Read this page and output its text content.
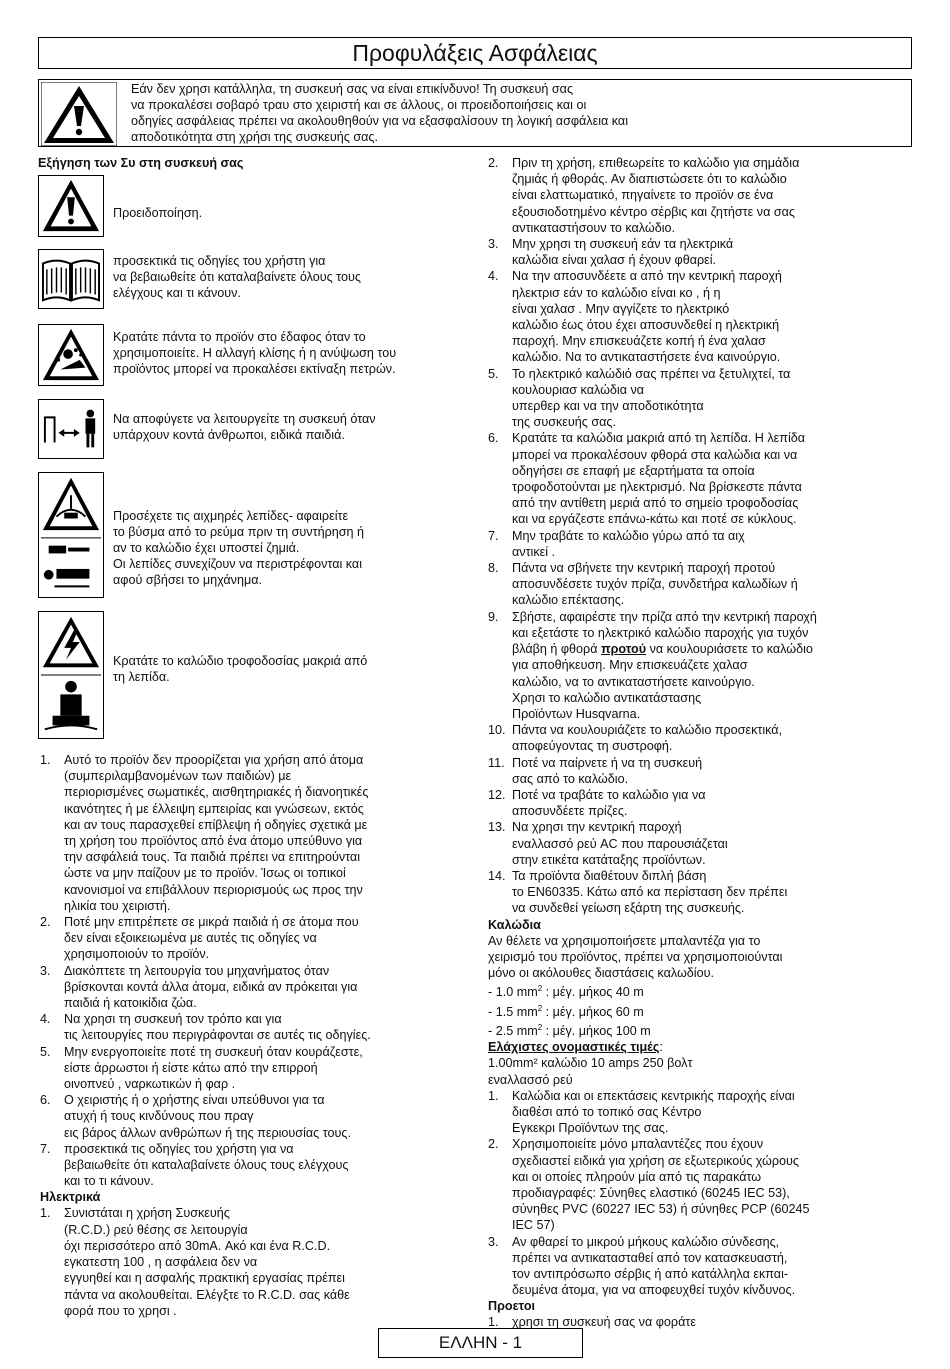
Προφυλάξεις Ασφάλειας
Εάν δεν χρησι κατάλληλα, τη συσκευή σας να είναι επικίνδυνο! Τη συσκευή σας
να προκαλέσει σοβαρό τραυ στο χειριστή και σε άλλους, οι προειδοποιήσεις και οι
οδηγίες ασφάλειας πρέπει να ακολουθηθούν για να εξασφαλίσουν τη λογική ασφάλεια και
αποδοτικότητα στη χρήσι της συσκευής σας.
Εξήγηση των Συ στη συσκευή σας
Προειδοποίηση.
προσεκτικά τις οδηγίες του χρήστη για
να βεβαιωθείτε ότι καταλαβαίνετε όλους τους
ελέγχους και τι κάνουν.
Κρατάτε πάντα το προϊόν στο έδαφος όταν το
χρησιμοποιείτε. Η αλλαγή κλίσης ή η ανύψωση του
προϊόντος μπορεί να προκαλέσει εκτίναξη πετρών.
Να αποφύγετε να λειτουργείτε τη συσκευή όταν
υπάρχουν κοντά άνθρωποι, ειδικά παιδιά.
Προσέχετε τις αιχμηρές λεπίδες- αφαιρείτε
το βύσμα από το ρεύμα πριν τη συντήρηση ή
αν το καλώδιο έχει υποστεί ζημιά.
Οι λεπίδες συνεχίζουν να περιστρέφονται και
αφού σβήσει το μηχάνημα.
Κρατάτε το καλώδιο τροφοδοσίας μακριά από
τη λεπίδα.
1.	Αυτό το προϊόν δεν προορίζεται για χρήση από άτομα
(συμπεριλαμβανομένων των παιδιών) με
περιορισμένες σωματικές, αισθητηριακές ή διανοητικές
ικανότητες ή με έλλειψη εμπειρίας και γνώσεων, εκτός
και αν τους παρασχεθεί επίβλεψη ή οδηγίες σχετικά με
τη χρήση του προϊόντος από ένα άτομο υπεύθυνο για
την ασφάλειά τους. Τα παιδιά πρέπει να επιτηρούνται
ώστε να μην παίζουν με το προϊόν. Ίσως οι τοπικοί
κανονισμοί να επιβάλλουν περιορισμούς ως προς την
ηλικία του χειριστή.
2.	Ποτέ μην επιτρέπετε σε μικρά παιδιά ή σε άτομα που
δεν είναι εξοικειωμένα με αυτές τις οδηγίες να
χρησιμοποιούν το προϊόν.
3.	Διακόπτετε τη λειτουργία του μηχανήματος όταν
βρίσκονται κοντά άλλα άτομα, ειδικά αν πρόκειται για
παιδιά ή κατοικίδια ζώα.
4.	Να χρησι τη συσκευή τον τρόπο και για
τις λειτουργίες που περιγράφονται σε αυτές τις οδηγίες.
5.	Μην ενεργοποιείτε ποτέ τη συσκευή όταν κουράζεστε,
είστε άρρωστοι ή είστε κάτω από την επιρροή
οινοπνεύ , ναρκωτικών ή φαρ .
6.	Ο χειριστής ή ο χρήστης είναι υπεύθυνοι για τα
ατυχή ή τους κινδύνους που πραγ
εις βάρος άλλων ανθρώπων ή της περιουσίας τους.
7.	προσεκτικά τις οδηγίες του χρήστη για να
βεβαιωθείτε ότι καταλαβαίνετε όλους τους ελέγχους
και το τι κάνουν.
Ηλεκτρικά
1.	Συνιστάται η χρήση Συσκευής
(R.C.D.) ρεύ θέσης σε λειτουργία
όχι περισσότερο από 30mA. Ακό και ένα R.C.D.
εγκατεστη 100 , η ασφάλεια δεν να
εγγυηθεί και η ασφαλής πρακτική εργασίας πρέπει
πάντα να ακολουθείται. Ελέγξτε το R.C.D. σας κάθε
φορά που το χρησι .
2.	Πριν τη χρήση, επιθεωρείτε το καλώδιο για σημάδια
ζημιάς ή φθοράς. Αν διαπιστώσετε ότι το καλώδιο
είναι ελαττωματικό, πηγαίνετε το προϊόν σε ένα
εξουσιοδοτημένο κέντρο σέρβις και ζητήστε να σας
αντικαταστήσουν το καλώδιο.
3.	Μην χρησι τη συσκευή εάν τα ηλεκτρικά
καλώδια είναι χαλασ ή έχουν φθαρεί.
4.	Να την αποσυνδέετε α από την κεντρική παροχή
ηλεκτρισ εάν το καλώδιο είναι κο , ή η
είναι χαλασ . Μην αγγίζετε το ηλεκτρικό
καλώδιο έως ότου έχει αποσυνδεθεί η ηλεκτρική
παροχή. Μην επισκευάζετε κοπή ή ένα χαλασ
καλώδιο. Να το αντικαταστήσετε ένα καινούργιο.
5.	Το ηλεκτρικό καλώδιό σας πρέπει να ξετυλιχτεί, τα
κουλουριασ καλώδια να
υπερθερ και να την αποδοτικότητα
της συσκευής σας.
6.	Κρατάτε τα καλώδια μακριά από τη λεπίδα. Η λεπίδα
μπορεί να προκαλέσουν φθορά στα καλώδια και να
οδηγήσει σε επαφή με εξαρτήματα τα οποία
τροφοδοτούνται με ηλεκτρισμό. Να βρίσκεστε πάντα
από την αντίθετη μεριά από το σημείο τροφοδοσίας
και να εργάζεστε επάνω-κάτω και ποτέ σε κύκλους.
7.	Μην τραβάτε το καλώδιο γύρω από τα αιχ
αντικεί .
8.	Πάντα να σβήνετε την κεντρική παροχή προτού
αποσυνδέσετε τυχόν πρίζα, συνδετήρα καλωδίων ή
καλώδιο επέκτασης.
9.	Σβήστε, αφαιρέστε την πρίζα από την κεντρική παροχή
και εξετάστε το ηλεκτρικό καλώδιο παροχής για τυχόν
βλάβη ή φθορά προτού να κουλουριάσετε το καλώδιο
για αποθήκευση. Μην επισκευάζετε χαλασ
καλώδιο, να το αντικαταστήσετε καινούργιο.
Χρησι το καλώδιο αντικατάστασης
Προϊόντων Husqvarna.
10. Πάντα να κουλουριάζετε το καλώδιο προσεκτικά,
αποφεύγοντας τη συστροφή.
11. Ποτέ να παίρνετε ή να τη συσκευή
σας από το καλώδιο.
12. Ποτέ να τραβάτε το καλώδιο για να
αποσυνδέετε πρίζες.
13. Να χρησι την κεντρική παροχή
εναλλασσό ρεύ AC που παρουσιάζεται
στην ετικέτα κατάταξης προϊόντων.
14. Τα προϊόντα διαθέτουν διπλή βάση
το EN60335. Κάτω από κα περίσταση δεν πρέπει
να συνδεθεί γείωση εξάρτη της συσκευής.
Καλώδια
Αν θέλετε να χρησιμοποιήσετε μπαλαντέζα για το
χειρισμό του προϊόντος, πρέπει να χρησιμοποιούνται
μόνο οι ακόλουθες διαστάσεις καλωδίου.
- 1.0 $mm^2$ : μέγ. μήκος 40 m
- 1.5 $mm^2$ : μέγ. μήκος 60 m
- 2.5 $mm^2$ : μέγ. μήκος 100 m
Ελάχιστες ονομαστικές τιμές:
1.00mm² καλώδιο 10 amps 250 βολτ
εναλλασσό ρεύ
1.	Καλώδια και οι επεκτάσεις κεντρικής παροχής είναι
διαθέσι από το τοπικό σας Κέντρο
Εγκεκρι Προϊόντων της σας.
2.	Χρησιμοποιείτε μόνο μπαλαντέζες που έχουν
σχεδιαστεί ειδικά για χρήση σε εξωτερικούς χώρους
και οι οποίες πληρούν μία από τις παρακάτω
προδιαγραφές: Σύνηθες ελαστικό (60245 IEC 53),
σύνηθες PVC (60227 IEC 53) ή σύνηθες PCP (60245
IEC 57)
3.	Αν φθαρεί το μικρού μήκους καλώδιο σύνδεσης,
πρέπει να αντικατασταθεί από τον κατασκευαστή,
τον αντιπρόσωπο σέρβις ή από κατάλληλα εκπαι-
δευμένα άτομα, για να αποφευχθεί τυχόν κίνδυνος.
Προετοι
1.	χρησι τη συσκευή σας να φοράτε
ΕΛΛΗΝ - 1
